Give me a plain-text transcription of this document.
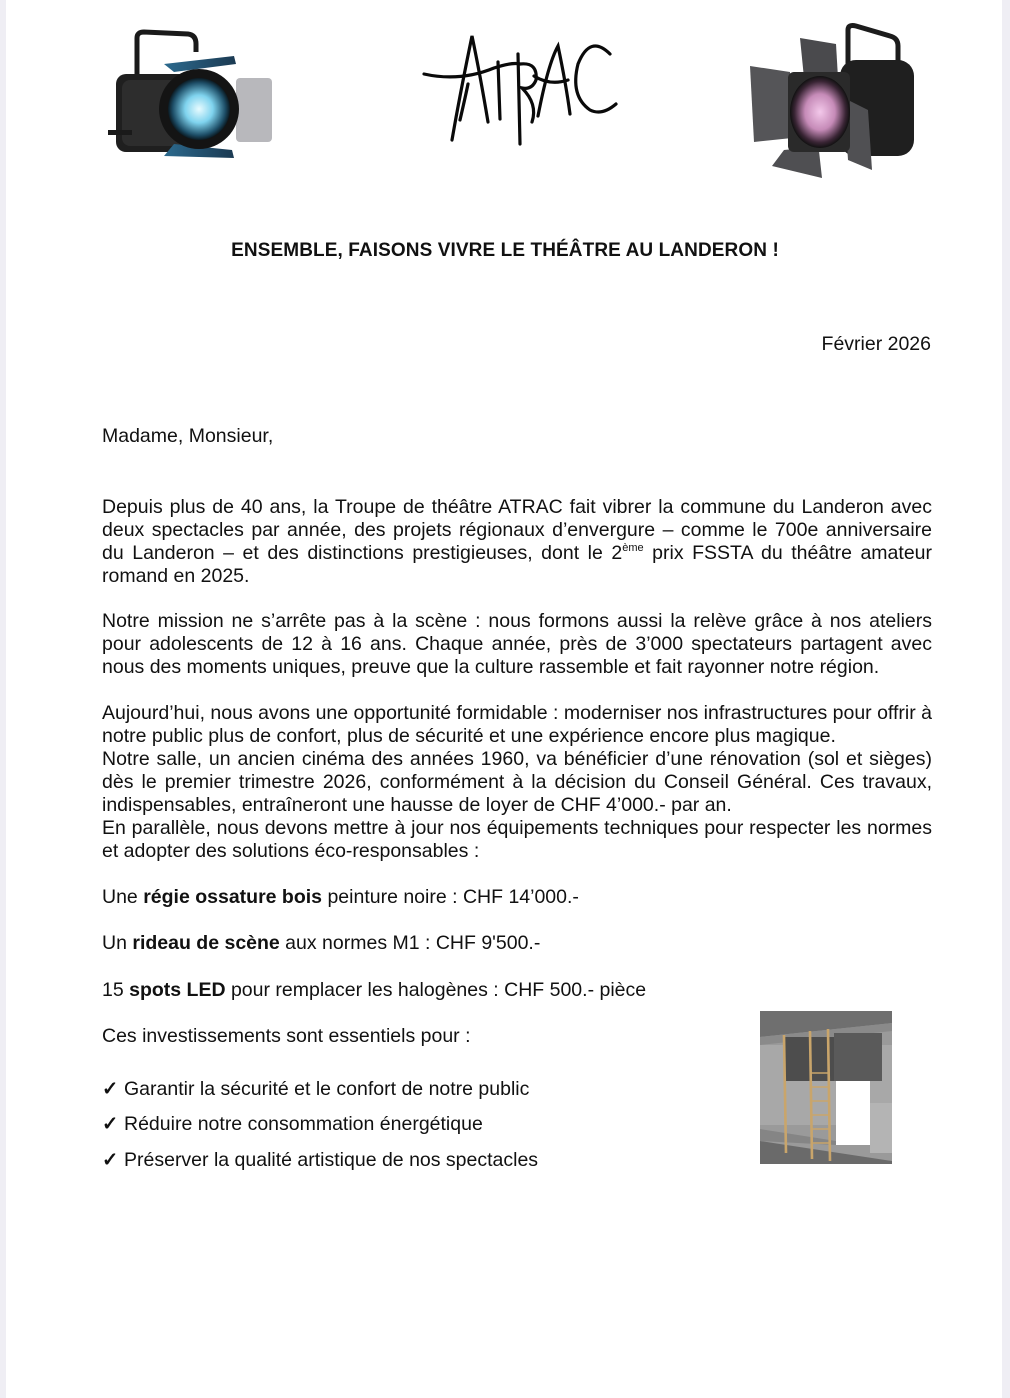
ENSEMBLE, FAISONS VIVRE LE THÉÂTRE AU LANDERON !
Février 2026
Madame, Monsieur,
Depuis plus de 40 ans, la Troupe de théâtre ATRAC fait vibrer la commune du Landeron avec deux spectacles par année, des projets régionaux d’envergure – comme le 700e anniversaire du Landeron – et des distinctions prestigieuses, dont le 2ème prix FSSTA du théâtre amateur romand en 2025.
Notre mission ne s’arrête pas à la scène : nous formons aussi la relève grâce à nos ateliers pour adolescents de 12 à 16 ans. Chaque année, près de 3’000 spectateurs partagent avec nous des moments uniques, preuve que la culture rassemble et fait rayonner notre région.
Aujourd’hui, nous avons une opportunité formidable : moderniser nos infrastructures pour offrir à notre public plus de confort, plus de sécurité et une expérience encore plus magique.
Notre salle, un ancien cinéma des années 1960, va bénéficier d’une rénovation (sol et sièges) dès le premier trimestre 2026, conformément à la décision du Conseil Général. Ces travaux, indispensables, entraîneront une hausse de loyer de CHF 4’000.- par an.
En parallèle, nous devons mettre à jour nos équipements techniques pour respecter les normes et adopter des solutions éco-responsables :
Une régie ossature bois peinture noire : CHF 14’000.-
Un rideau de scène aux normes M1 : CHF 9'500.-
15 spots LED pour remplacer les halogènes : CHF 500.- pièce
Ces investissements sont essentiels pour :
✓ Garantir la sécurité et le confort de notre public
✓ Réduire notre consommation énergétique
✓ Préserver la qualité artistique de nos spectacles
